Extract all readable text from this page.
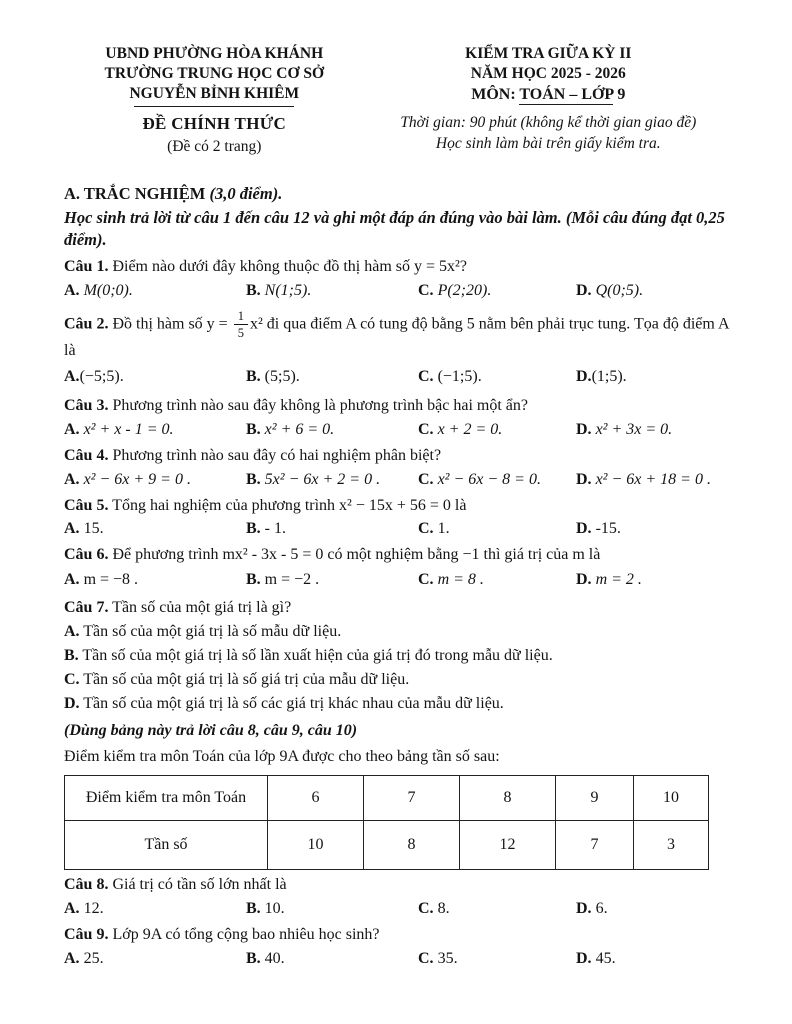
UBND PHƯỜNG HÒA KHÁNH
TRƯỜNG TRUNG HỌC CƠ SỞ
NGUYỄN BỈNH KHIÊM
ĐỀ CHÍNH THỨC
(Đề có 2 trang)
KIỂM TRA GIỮA KỲ II
NĂM HỌC 2025 - 2026
MÔN: TOÁN – LỚP 9
Thời gian: 90 phút (không kể thời gian giao đề)
Học sinh làm bài trên giấy kiểm tra.
A. TRẮC NGHIỆM (3,0 điểm).
Học sinh trả lời từ câu 1 đến câu 12 và ghi một đáp án đúng vào bài làm. (Mỗi câu đúng đạt 0,25 điểm).
Câu 1. Điểm nào dưới đây không thuộc đồ thị hàm số y = 5x²?
A. M(0;0).	B. N(1;5).	C. P(2;20).	D. Q(0;5).
Câu 2. Đồ thị hàm số $y = \frac{1}{5} x^2$ đi qua điểm A có tung độ bằng 5 nằm bên phải trục tung. Tọa độ điểm A là
A.(−5;5).	B. (5;5).	C. (−1;5).	D.(1;5).
Câu 3. Phương trình nào sau đây không là phương trình bậc hai một ẩn?
A. x² + x - 1 = 0.	B. x² + 6 = 0.	C. x + 2 = 0.	D. x² + 3x = 0.
Câu 4. Phương trình nào sau đây có hai nghiệm phân biệt?
A. x² − 6x + 9 = 0 .	B. 5x² − 6x + 2 = 0 .	C. x² − 6x − 8 = 0.	D. x² − 6x + 18 = 0 .
Câu 5. Tổng hai nghiệm của phương trình x² − 15x + 56 = 0 là
A. 15.	B. - 1.	C. 1.	D. -15.
Câu 6. Để phương trình mx² - 3x - 5 = 0 có một nghiệm bằng −1 thì giá trị của m là
A. m = −8 .	B. m = −2 .	C. m = 8 .	D. m = 2 .
Câu 7. Tần số của một giá trị là gì?
A. Tần số của một giá trị là số mẫu dữ liệu.
B. Tần số của một giá trị là số lần xuất hiện của giá trị đó trong mẫu dữ liệu.
C. Tần số của một giá trị là số giá trị của mẫu dữ liệu.
D. Tần số của một giá trị là số các giá trị khác nhau của mẫu dữ liệu.
(Dùng bảng này trả lời câu 8, câu 9, câu 10)
Điểm kiểm tra môn Toán của lớp 9A được cho theo bảng tần số sau:
Điểm kiểm tra môn Toán	6	7	8	9	10
Tần số	10	8	12	7	3
Câu 8. Giá trị có tần số lớn nhất là
A. 12.	B. 10.	C. 8.	D. 6.
Câu 9. Lớp 9A có tổng cộng bao nhiêu học sinh?
A. 25.	B. 40.	C. 35.	D. 45.
